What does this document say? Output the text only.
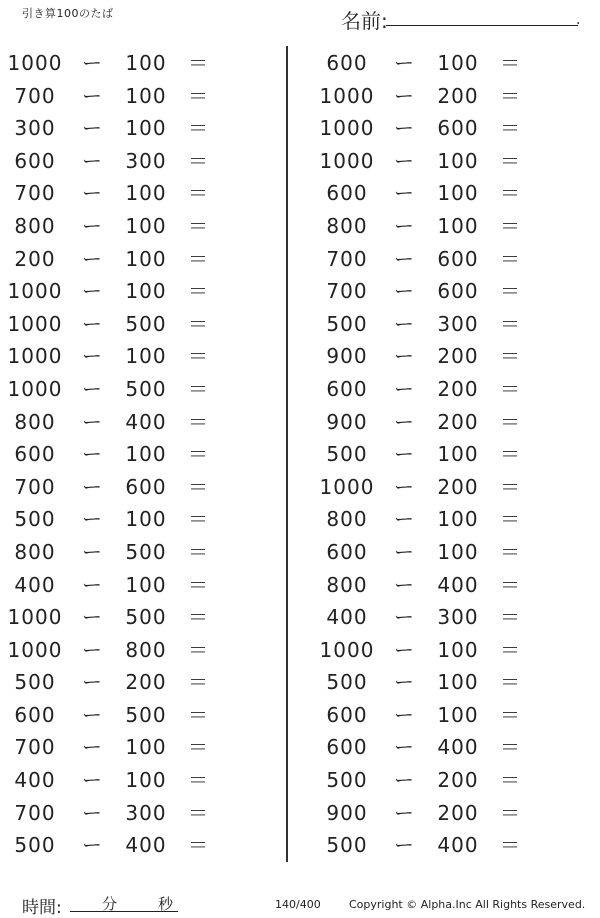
引き算100のたば	名前:	.
1000 ー	100	＝
700	ー	100	＝
300	ー	100	＝
600	ー	300	＝
700	ー	100	＝
800	ー	100	＝
200	ー	100	＝
1000 ー	100	＝
1000 ー	500	＝
1000 ー	100	＝
1000 ー	500	＝
800	ー	400	＝
600	ー	100	＝
700	ー	600	＝
500	ー	100	＝
800	ー	500	＝
400	ー	100	＝
1000 ー	500	＝
1000 ー	800	＝
500	ー	200	＝
600	ー	500	＝
700	ー	100	＝
400	ー	100	＝
700	ー	300	＝
500	ー	400	＝
600	ー	100	＝
1000 ー	200	＝
1000 ー	600	＝
1000 ー	100	＝
600	ー	100	＝
800	ー	100	＝
700	ー	600	＝
700	ー	600	＝
500	ー	300	＝
900	ー	200	＝
600	ー	200	＝
900	ー	200	＝
500	ー	100	＝
1000 ー	200	＝
800	ー	100	＝
600	ー	100	＝
800	ー	400	＝
400	ー	300	＝
1000 ー	100	＝
500	ー	100	＝
600	ー	100	＝
600	ー	400	＝
500	ー	200	＝
900	ー	200	＝
500	ー	400	＝
時間:	分	秒	140/400	Copyright © Alpha.Inc All Rights Reserved.
